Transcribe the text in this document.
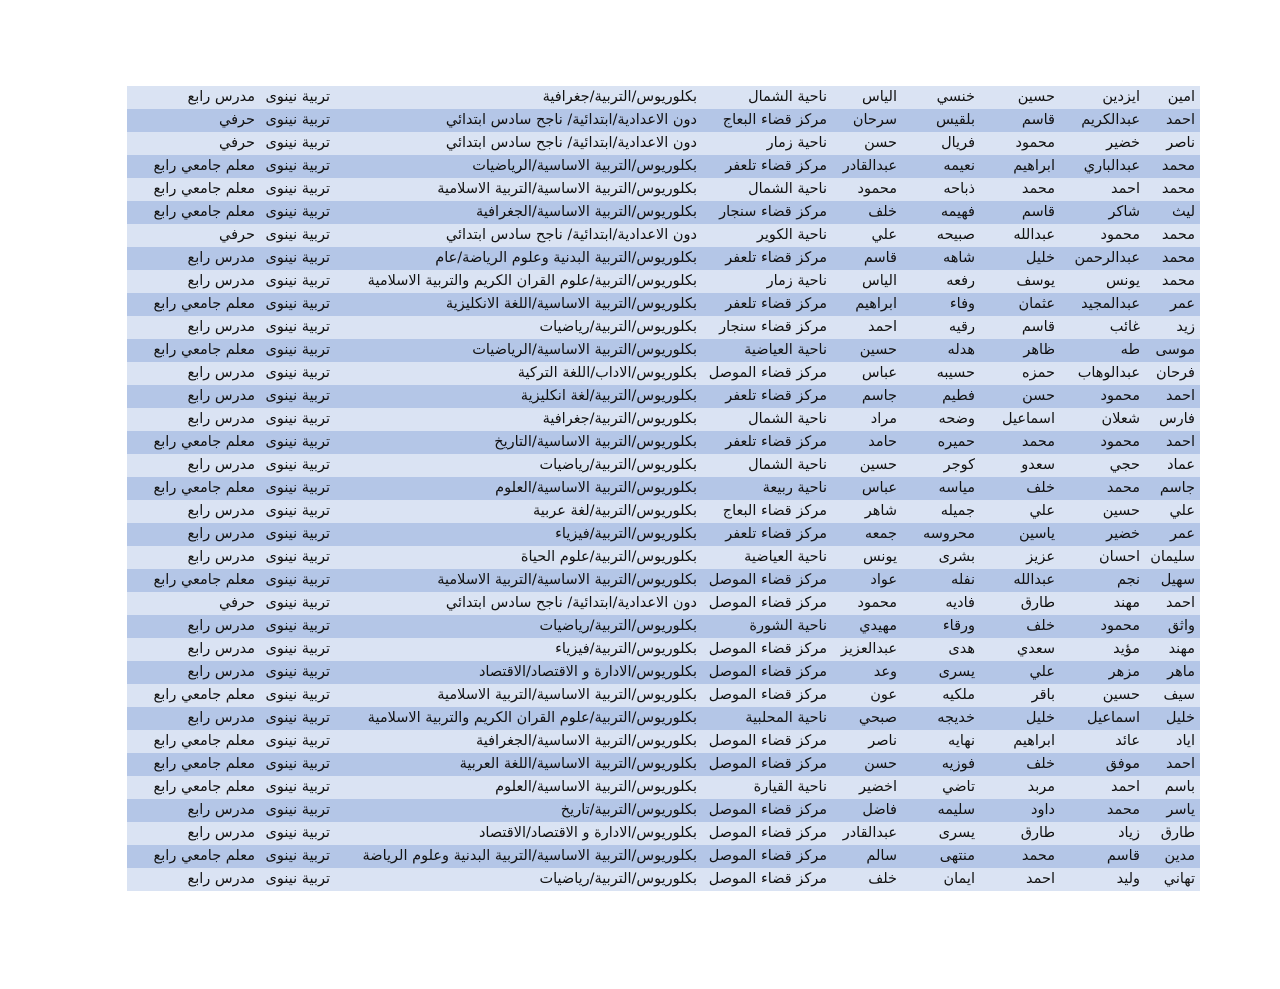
امين
ايزدين
حسين
خنسي
الياس
ناحية الشمال
بكلوريوس/التربية/جغرافية
تربية نينوى
مدرس رابع
احمد
عبدالكريم
قاسم
بلقيس
سرحان
مركز قضاء البعاج
دون الاعدادية/ابتدائية/ ناجح سادس ابتدائي
تربية نينوى
حرفي
ناصر
خضير
محمود
فريال
حسن
ناحية زمار
دون الاعدادية/ابتدائية/ ناجح سادس ابتدائي
تربية نينوى
حرفي
محمد
عبدالباري
ابراهيم
نعيمه
عبدالقادر
مركز قضاء تلعفر
بكلوريوس/التربية الاساسية/الرياضيات
تربية نينوى
معلم جامعي رابع
محمد
احمد
محمد
ذباحه
محمود
ناحية الشمال
بكلوريوس/التربية الاساسية/التربية الاسلامية
تربية نينوى
معلم جامعي رابع
ليث
شاكر
قاسم
فهيمه
خلف
مركز قضاء سنجار
بكلوريوس/التربية الاساسية/الجغرافية
تربية نينوى
معلم جامعي رابع
محمد
محمود
عبدالله
صبيحه
علي
ناحية الكوير
دون الاعدادية/ابتدائية/ ناجح سادس ابتدائي
تربية نينوى
حرفي
محمد
عبدالرحمن
خليل
شاهه
قاسم
مركز قضاء تلعفر
بكلوريوس/التربية البدنية وعلوم الرياضة/عام
تربية نينوى
مدرس رابع
محمد
يونس
يوسف
رفعه
الياس
ناحية زمار
بكلوريوس/التربية/علوم القران الكريم والتربية الاسلامية
تربية نينوى
مدرس رابع
عمر
عبدالمجيد
عثمان
وفاء
ابراهيم
مركز قضاء تلعفر
بكلوريوس/التربية الاساسية/اللغة الانكليزية
تربية نينوى
معلم جامعي رابع
زيد
غائب
قاسم
رقيه
احمد
مركز قضاء سنجار
بكلوريوس/التربية/رياضيات
تربية نينوى
مدرس رابع
موسى
طه
ظاهر
هدله
حسين
ناحية العياضية
بكلوريوس/التربية الاساسية/الرياضيات
تربية نينوى
معلم جامعي رابع
فرحان
عبدالوهاب
حمزه
حسيبه
عباس
مركز قضاء الموصل
بكلوريوس/الاداب/اللغة التركية
تربية نينوى
مدرس رابع
احمد
محمود
حسن
فطيم
جاسم
مركز قضاء تلعفر
بكلوريوس/التربية/لغة انكليزية
تربية نينوى
مدرس رابع
فارس
شعلان
اسماعيل
وضحه
مراد
ناحية الشمال
بكلوريوس/التربية/جغرافية
تربية نينوى
مدرس رابع
احمد
محمود
محمد
حميره
حامد
مركز قضاء تلعفر
بكلوريوس/التربية الاساسية/التاريخ
تربية نينوى
معلم جامعي رابع
عماد
حجي
سعدو
كوجر
حسين
ناحية الشمال
بكلوريوس/التربية/رياضيات
تربية نينوى
مدرس رابع
جاسم
محمد
خلف
مياسه
عباس
ناحية ربيعة
بكلوريوس/التربية الاساسية/العلوم
تربية نينوى
معلم جامعي رابع
علي
حسين
علي
جميله
شاهر
مركز قضاء البعاج
بكلوريوس/التربية/لغة عربية
تربية نينوى
مدرس رابع
عمر
خضير
ياسين
محروسه
جمعه
مركز قضاء تلعفر
بكلوريوس/التربية/فيزياء
تربية نينوى
مدرس رابع
سليمان
احسان
عزيز
بشرى
يونس
ناحية العياضية
بكلوريوس/التربية/علوم الحياة
تربية نينوى
مدرس رابع
سهيل
نجم
عبدالله
نفله
عواد
مركز قضاء الموصل
بكلوريوس/التربية الاساسية/التربية الاسلامية
تربية نينوى
معلم جامعي رابع
احمد
مهند
طارق
فاديه
محمود
مركز قضاء الموصل
دون الاعدادية/ابتدائية/ ناجح سادس ابتدائي
تربية نينوى
حرفي
واثق
محمود
خلف
ورقاء
مهيدي
ناحية الشورة
بكلوريوس/التربية/رياضيات
تربية نينوى
مدرس رابع
مهند
مؤيد
سعدي
هدى
عبدالعزيز
مركز قضاء الموصل
بكلوريوس/التربية/فيزياء
تربية نينوى
مدرس رابع
ماهر
مزهر
علي
يسرى
وعد
مركز قضاء الموصل
بكلوريوس/الادارة و الاقتصاد/الاقتصاد
تربية نينوى
مدرس رابع
سيف
حسين
باقر
ملكيه
عون
مركز قضاء الموصل
بكلوريوس/التربية الاساسية/التربية الاسلامية
تربية نينوى
معلم جامعي رابع
خليل
اسماعيل
خليل
خديجه
صبحي
ناحية المحلبية
بكلوريوس/التربية/علوم القران الكريم والتربية الاسلامية
تربية نينوى
مدرس رابع
اياد
عائد
ابراهيم
نهايه
ناصر
مركز قضاء الموصل
بكلوريوس/التربية الاساسية/الجغرافية
تربية نينوى
معلم جامعي رابع
احمد
موفق
خلف
فوزيه
حسن
مركز قضاء الموصل
بكلوريوس/التربية الاساسية/اللغة العربية
تربية نينوى
معلم جامعي رابع
باسم
احمد
مربد
تاضي
اخضير
ناحية القيارة
بكلوريوس/التربية الاساسية/العلوم
تربية نينوى
معلم جامعي رابع
ياسر
محمد
داود
سليمه
فاضل
مركز قضاء الموصل
بكلوريوس/التربية/تاريخ
تربية نينوى
مدرس رابع
طارق
زياد
طارق
يسرى
عبدالقادر
مركز قضاء الموصل
بكلوريوس/الادارة و الاقتصاد/الاقتصاد
تربية نينوى
مدرس رابع
مدين
قاسم
محمد
منتهى
سالم
مركز قضاء الموصل
بكلوريوس/التربية الاساسية/التربية البدنية وعلوم الرياضة
تربية نينوى
معلم جامعي رابع
تهاني
وليد
احمد
ايمان
خلف
مركز قضاء الموصل
بكلوريوس/التربية/رياضيات
تربية نينوى
مدرس رابع
